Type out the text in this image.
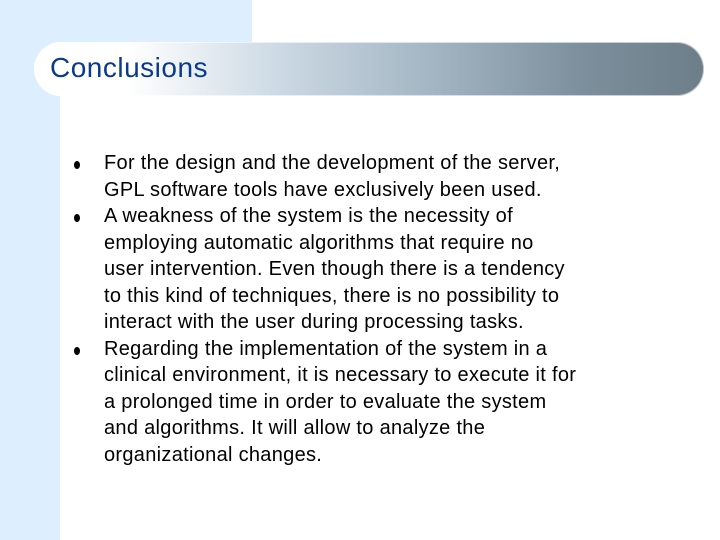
Conclusions
For the design and the development of the server,
GPL software tools have exclusively been used.
A weakness of the system is the necessity of
employing automatic algorithms that require no
user intervention. Even though there is a tendency
to this kind of techniques, there is no possibility to
interact with the user during processing tasks.
Regarding the implementation of the system in a
clinical environment, it is necessary to execute it for
a prolonged time in order to evaluate the system
and algorithms. It will allow to analyze the
organizational changes.
